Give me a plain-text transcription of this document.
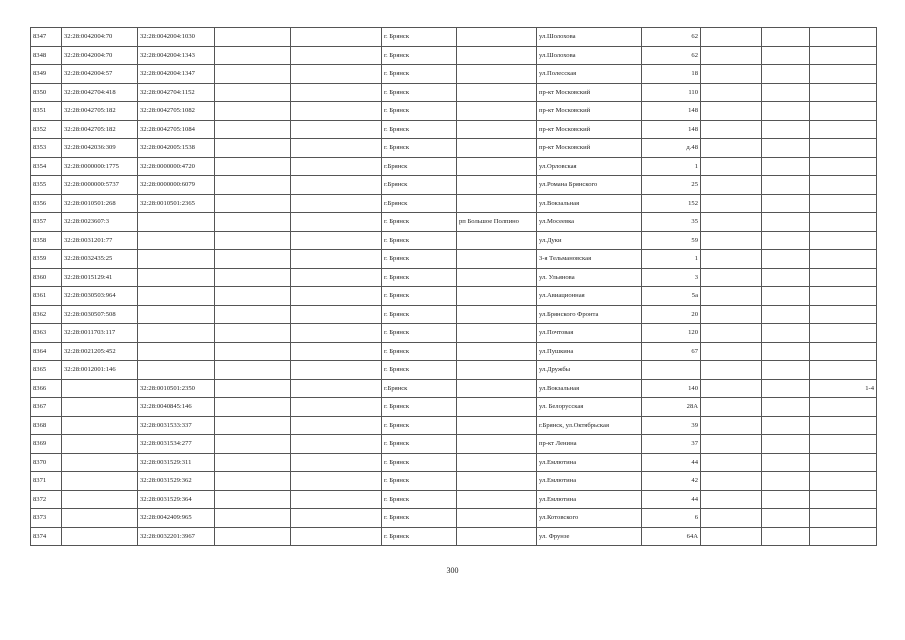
8347	32:28:0042004:70	32:28:0042004:1030			г. Брянск		ул.Шолохова	62			
8348	32:28:0042004:70	32:28:0042004:1343			г. Брянск		ул.Шолохова	62			
8349	32:28:0042004:57	32:28:0042004:1347			г. Брянск		ул.Полесская	18			
8350	32:28:0042704:418	32:28:0042704:1152			г. Брянск		пр-кт Московский	110			
8351	32:28:0042705:182	32:28:0042705:1082			г. Брянск		пр-кт Московский	148			
8352	32:28:0042705:182	32:28:0042705:1084			г. Брянск		пр-кт Московский	148			
8353	32:28:0042036:309	32:28:0042005:1538			г. Брянск		пр-кт Московский	д.48			
8354	32:28:0000000:1775	32:28:0000000:4720			г.Брянск		ул.Орловская	1			
8355	32:28:0000000:5737	32:28:0000000:6079			г.Брянск		ул.Романа Брянского	25			
8356	32:28:0010501:268	32:28:0010501:2365			г.Брянск		ул.Вокзальная	152			
8357	32:28:0023607:3				г. Брянск	рп Большое Полпино	ул.Мосеевка	35			
8358	32:28:0031201:77				г. Брянск		ул.Дуки	59			
8359	32:28:0032435:25				г. Брянск		3-я Тельмановская	1			
8360	32:28:0015129:41				г. Брянск		ул. Ульянова	3			
8361	32:28:0030503:964				г. Брянск		ул.Авиационная	5а			
8362	32:28:0030507:508				г. Брянск		ул.Брянского Фронта	20			
8363	32:28:0011703:117				г. Брянск		ул.Почтовая	120			
8364	32:28:0021205:452				г. Брянск		ул.Пушкина	67			
8365	32:28:0012001:146				г. Брянск		ул.Дружбы				
8366		32:28:0010501:2350			г.Брянск		ул.Вокзальная	140			1-4
8367		32:28:0040845:146			г. Брянск		ул. Белорусская	28А			
8368		32:28:0031533:337			г. Брянск		г.Брянск, ул.Октябрьская	39			
8369		32:28:0031534:277			г. Брянск		пр-кт Ленина	37			
8370		32:28:0031529:311			г. Брянск		ул.Емлютина	44			
8371		32:28:0031529:362			г. Брянск		ул.Емлютина	42			
8372		32:28:0031529:364			г. Брянск		ул.Емлютина	44			
8373		32:28:0042409:965			г. Брянск		ул.Котовского	6			
8374		32:28:0032201:3967			г. Брянск		ул. Фрунзе	64А			
300
